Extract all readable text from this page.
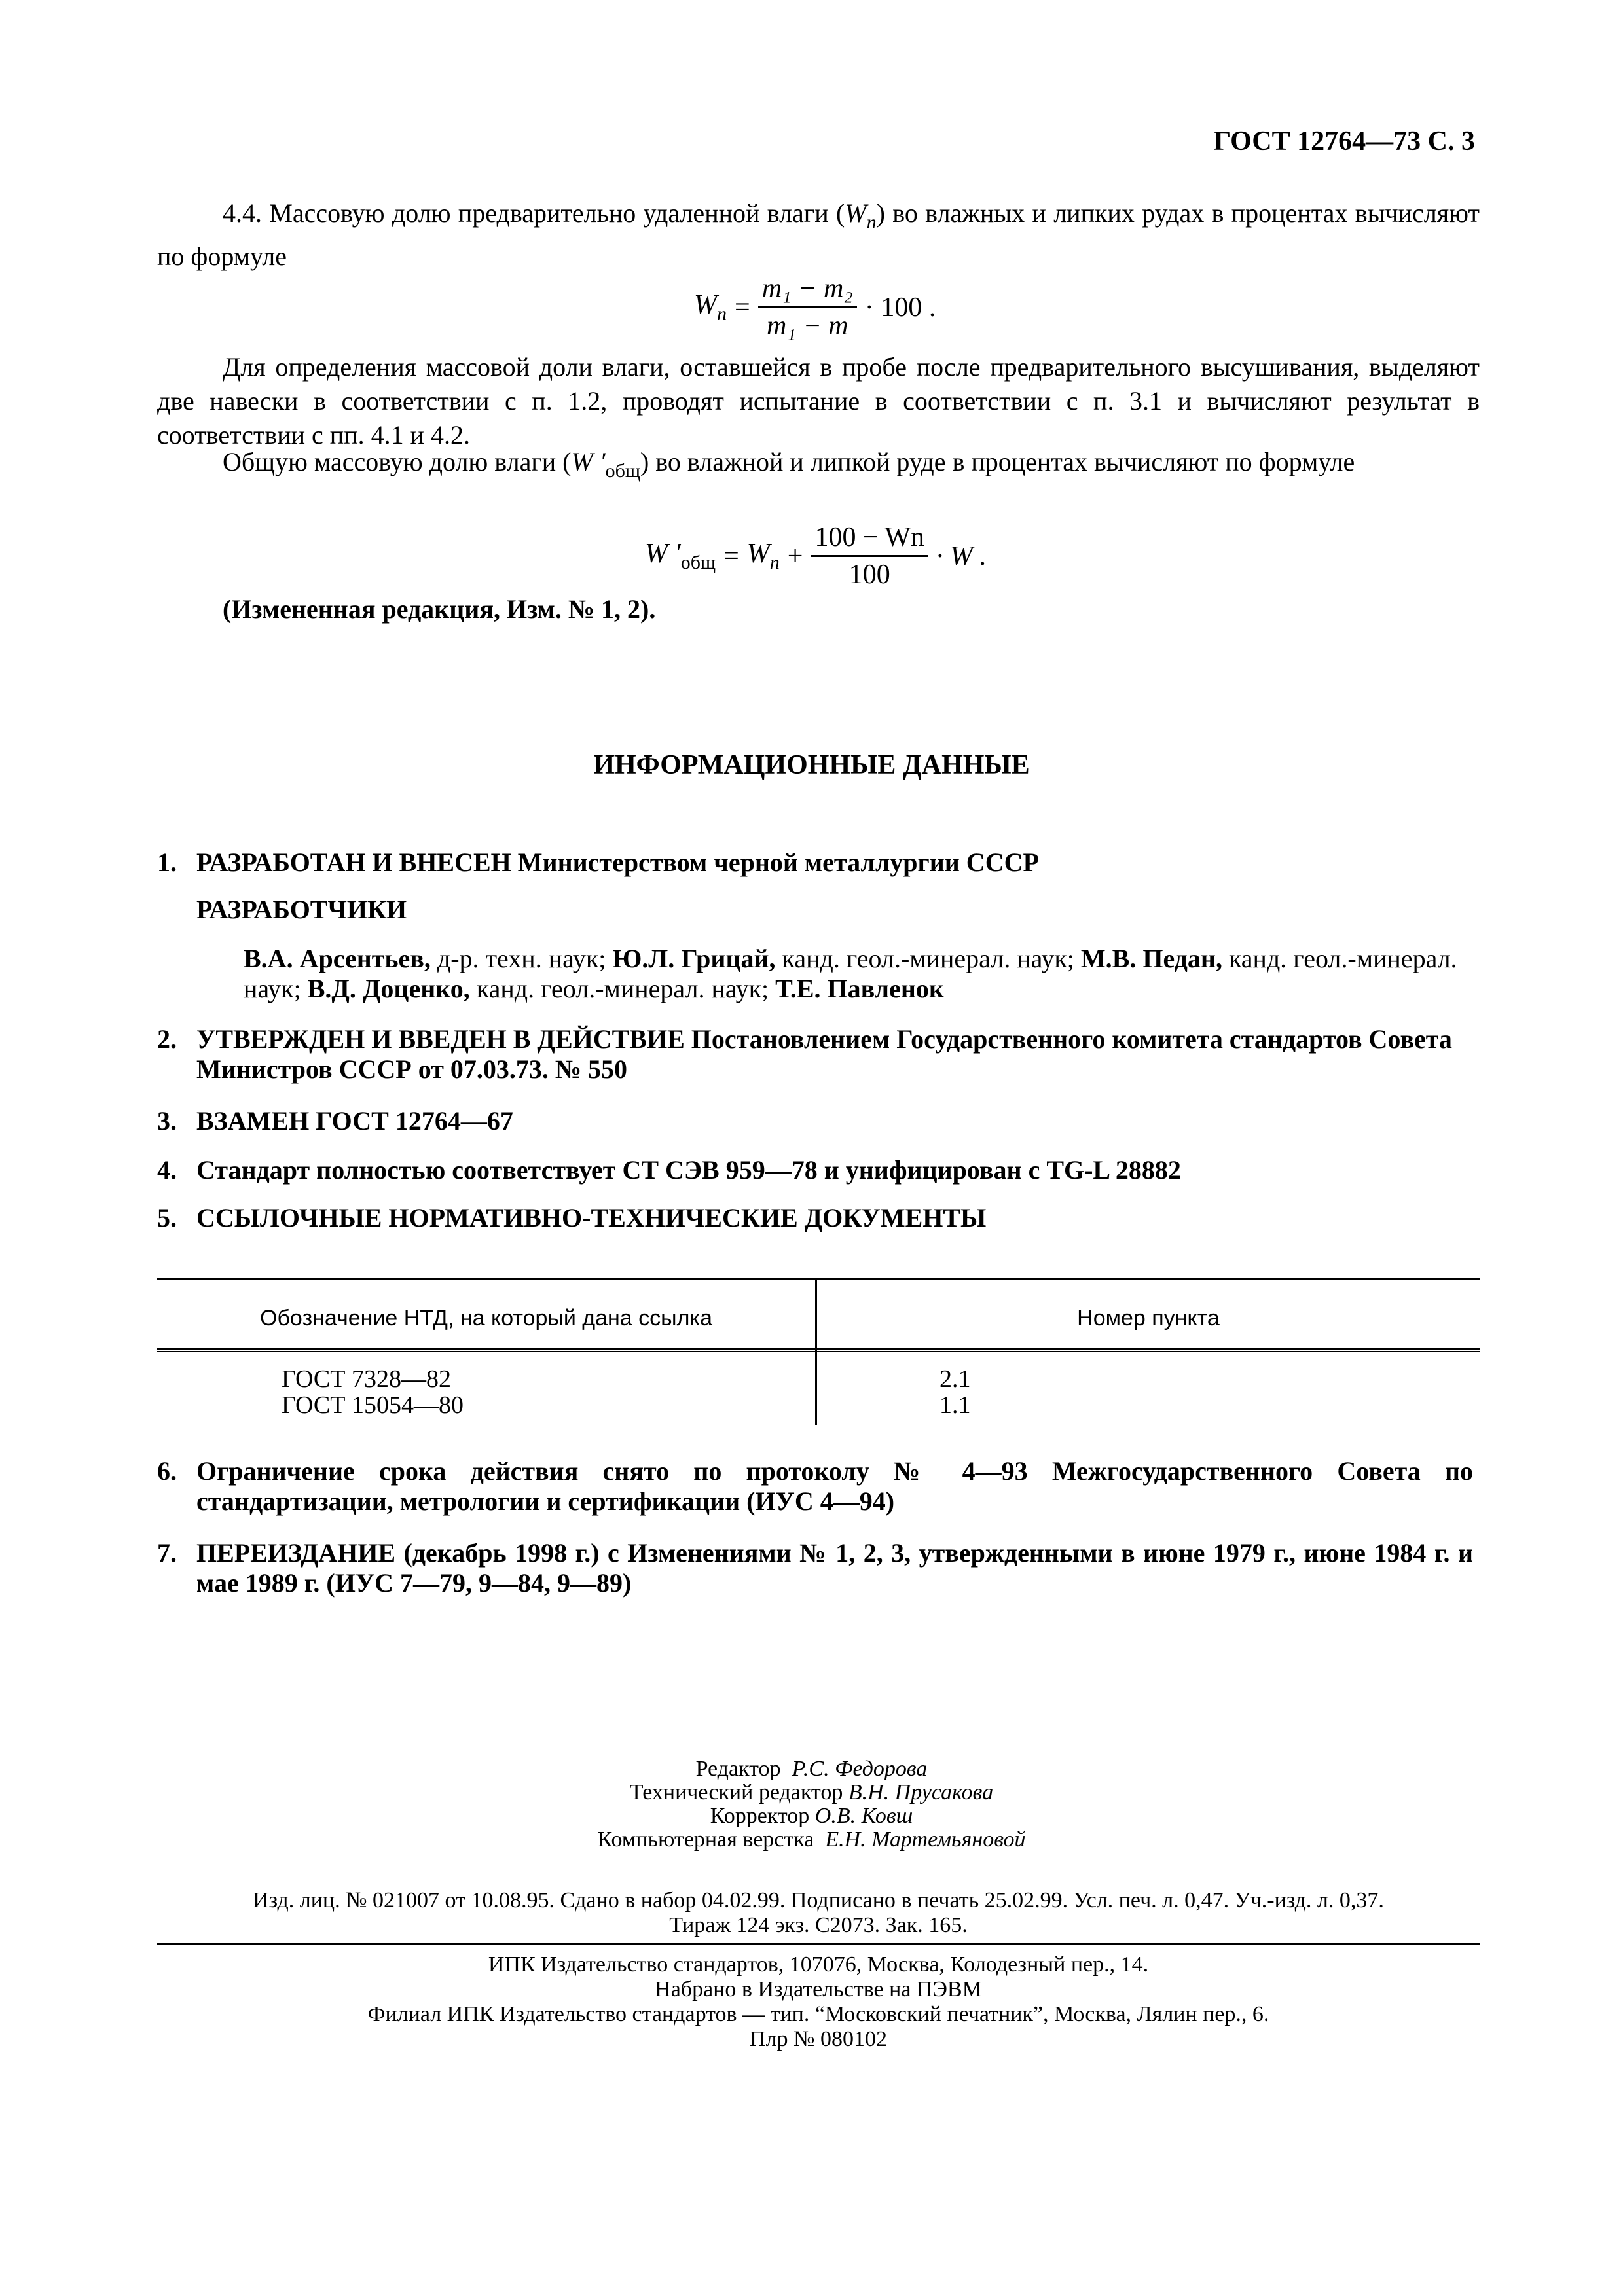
ГОСТ 12764—73 С. 3
4.4. Массовую долю предварительно удаленной влаги $(W_n)$ во влажных и липких рудах в процентах вычисляют по формуле
$W_n = \frac{\text{m₁ − m₂}}{\text{m₁ − m}} \cdot 100$ .
Для определения массовой доли влаги, оставшейся в пробе после предварительного высушивания, выделяют две навески в соответствии с п. 1.2, проводят испытание в соответствии с п. 3.1 и вычисляют результат в соответствии с пп. 4.1 и 4.2.
Общую массовую долю влаги (W $'_{общ}$) во влажной и липкой руде в процентах вычисляют по формуле
W $'_{общ} = W_n + \frac{100 - Wn}{100} \cdot W$ .
(Измененная редакция, Изм. № 1, 2).
ИНФОРМАЦИОННЫЕ ДАННЫЕ
1. РАЗРАБОТАН И ВНЕСЕН Министерством черной металлургии СССР
РАЗРАБОТЧИКИ
В.А. Арсентьев, д-р. техн. наук; Ю.Л. Грицай, канд. геол.-минерал. наук; М.В. Педан, канд. геол.-минерал. наук; В.Д. Доценко, канд. геол.-минерал. наук; Т.Е. Павленок
2. УТВЕРЖДЕН И ВВЕДЕН В ДЕЙСТВИЕ Постановлением Государственного комитета стандартов Совета Министров СССР от 07.03.73. № 550
3. ВЗАМЕН ГОСТ 12764—67
4. Стандарт полностью соответствует СТ СЭВ 959—78 и унифицирован с TG-L 28882
5. ССЫЛОЧНЫЕ НОРМАТИВНО-ТЕХНИЧЕСКИЕ ДОКУМЕНТЫ
Обозначение НТД, на который дана ссылка	Номер пункта
ГОСТ 7328—82	2.1
ГОСТ 15054—80	1.1
6. Ограничение срока действия снято по протоколу № 4—93 Межгосударственного Совета по стандартизации, метрологии и сертификации (ИУС 4—94)
7. ПЕРЕИЗДАНИЕ (декабрь 1998 г.) с Изменениями № 1, 2, 3, утвержденными в июне 1979 г., июне 1984 г. и мае 1989 г. (ИУС 7—79, 9—84, 9—89)
Редактор Р.С. Федорова
Технический редактор В.Н. Прусакова
Корректор О.В. Ковш
Компьютерная верстка Е.Н. Мартемьяновой
Изд. лиц. № 021007 от 10.08.95. Сдано в набор 04.02.99. Подписано в печать 25.02.99. Усл. печ. л. 0,47. Уч.-изд. л. 0,37.
Тираж 124 экз. С2073. Зак. 165.
ИПК Издательство стандартов, 107076, Москва, Колодезный пер., 14.
Набрано в Издательстве на ПЭВМ
Филиал ИПК Издательство стандартов — тип. “Московский печатник”, Москва, Лялин пер., 6.
Плр № 080102
